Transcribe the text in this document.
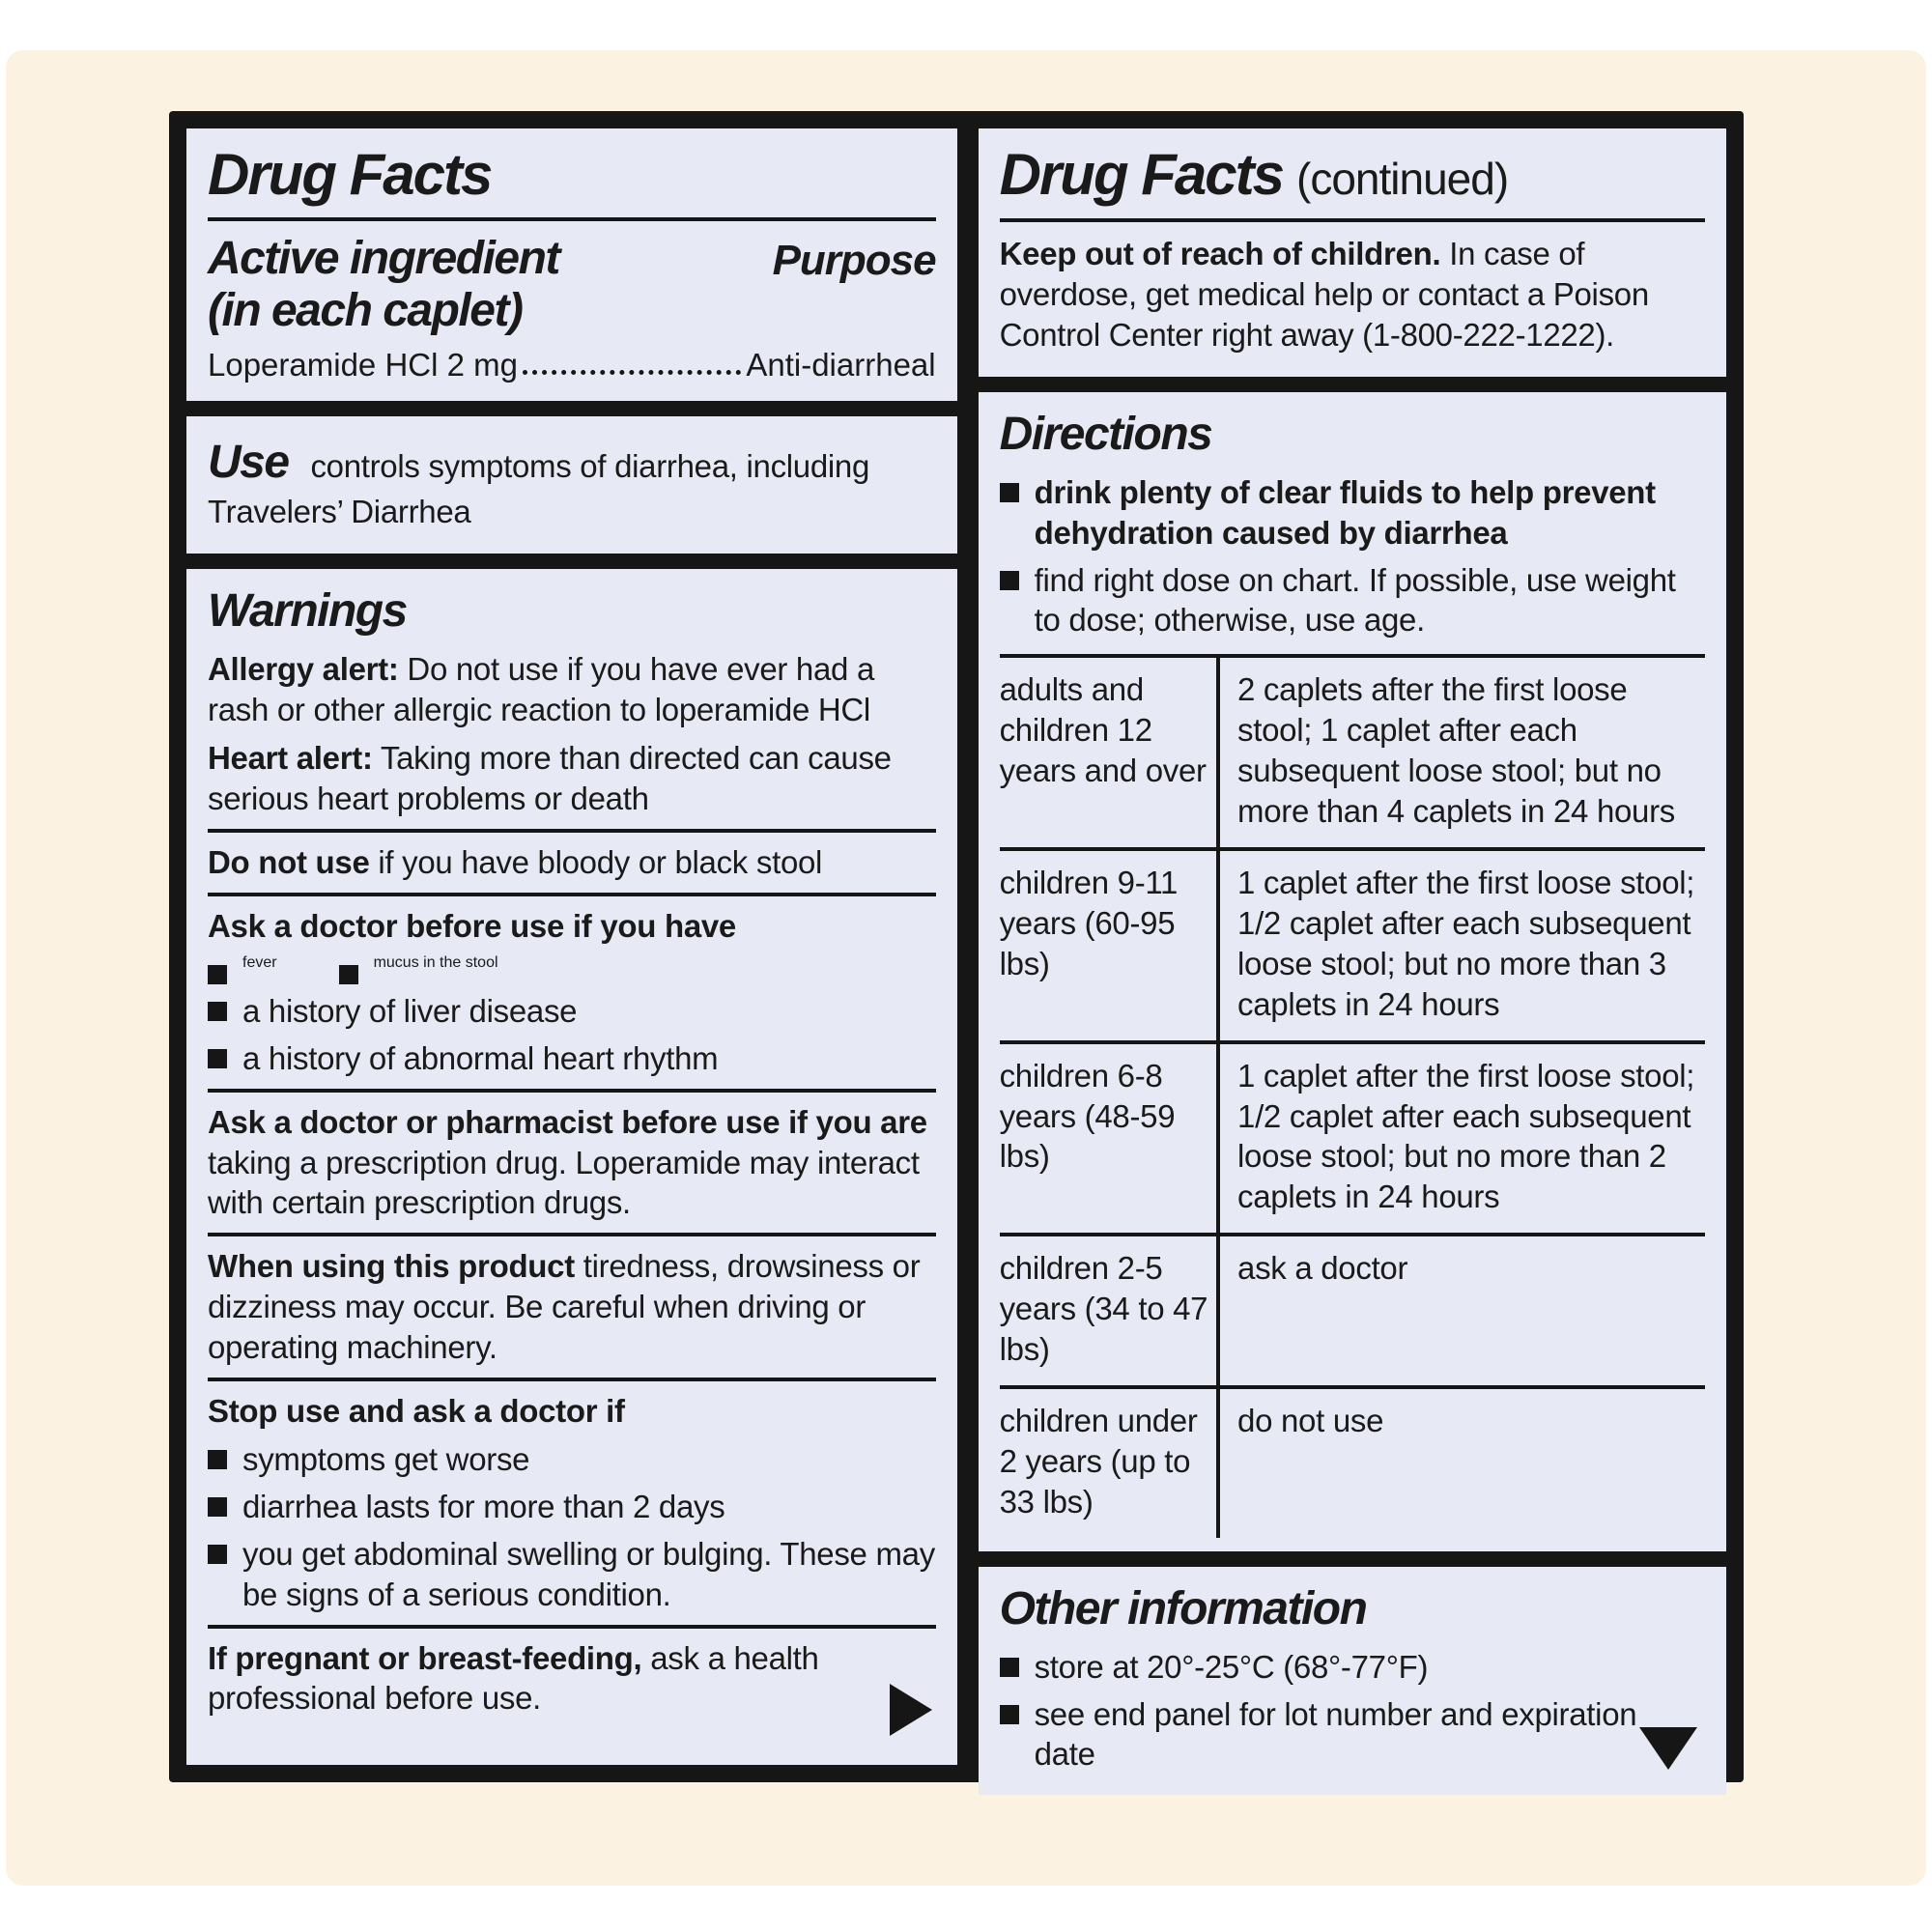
Drug Facts
Active ingredient
(in each caplet)
Purpose
Loperamide HCl 2 mg	Anti-diarrheal

Use controls symptoms of diarrhea, including Travelers’ Diarrhea

Warnings

Allergy alert: Do not use if you have ever had a rash or other allergic reaction to loperamide HCl

Heart alert: Taking more than directed can cause serious heart problems or death

Do not use if you have bloody or black stool

Ask a doctor before use if you have

fever	mucus in the stool
a history of liver disease
a history of abnormal heart rhythm

Ask a doctor or pharmacist before use if you are taking a prescription drug. Loperamide may interact with certain prescription drugs.

When using this product tiredness, drowsiness or dizziness may occur. Be careful when driving or operating machinery.

Stop use and ask a doctor if

symptoms get worse
diarrhea lasts for more than 2 days
you get abdominal swelling or bulging. These may be signs of a serious condition.

If pregnant or breast-feeding, ask a health professional before use.

Drug Facts (continued)

Keep out of reach of children. In case of overdose, get medical help or contact a Poison Control Center right away (1-800-222-1222).

Directions
drink plenty of clear fluids to help prevent dehydration caused by diarrhea
find right dose on chart. If possible, use weight to dose; otherwise, use age.
adults and children 12 years and over	2 caplets after the first loose stool; 1 caplet after each subsequent loose stool; but no more than 4 caplets in 24 hours
children 9-11 years (60-95 lbs)	1 caplet after the first loose stool; 1/2 caplet after each subsequent loose stool; but no more than 3 caplets in 24 hours
children 6-8 years (48-59 lbs)	1 caplet after the first loose stool; 1/2 caplet after each subsequent loose stool; but no more than 2 caplets in 24 hours
children 2-5 years (34 to 47 lbs)	ask a doctor
children under 2 years (up to 33 lbs)	do not use
Other information
store at 20°-25°C (68°-77°F)
see end panel for lot number and expiration date
